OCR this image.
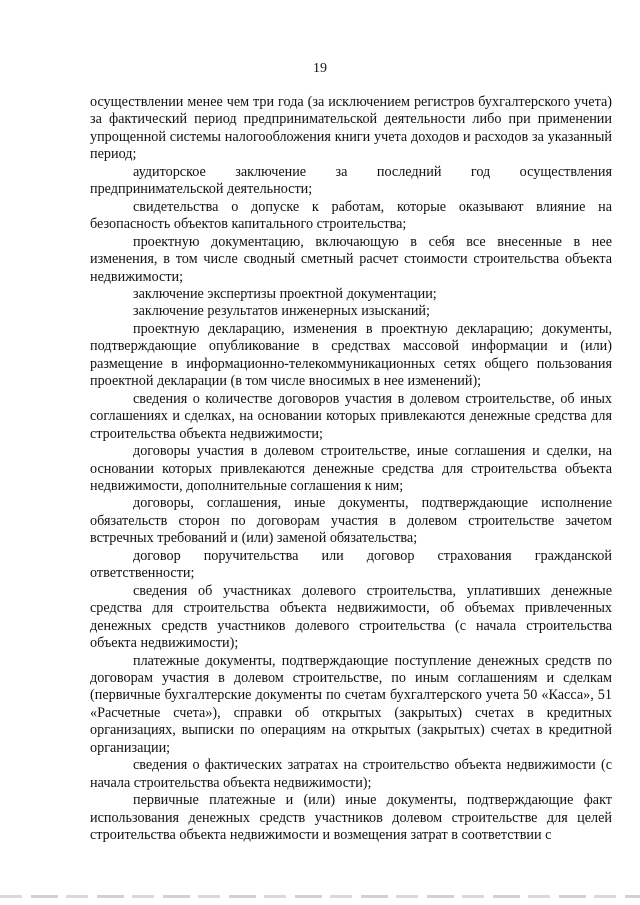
19

осуществлении менее чем три года (за исключением регистров бухгалтерского учета) за фактический период предпринимательской деятельности либо при применении упрощенной системы налогообложения книги учета доходов и расходов за указанный период;

аудиторское заключение за последний год осуществления предпринимательской деятельности;

свидетельства о допуске к работам, которые оказывают влияние на безопасность объектов капитального строительства;

проектную документацию, включающую в себя все внесенные в нее изменения, в том числе сводный сметный расчет стоимости строительства объекта недвижимости;

заключение экспертизы проектной документации;

заключение результатов инженерных изысканий;

проектную декларацию, изменения в проектную декларацию; документы, подтверждающие опубликование в средствах массовой информации и (или) размещение в информационно-телекоммуникационных сетях общего пользования проектной декларации (в том числе вносимых в нее изменений);

сведения о количестве договоров участия в долевом строительстве, об иных соглашениях и сделках, на основании которых привлекаются денежные средства для строительства объекта недвижимости;

договоры участия в долевом строительстве, иные соглашения и сделки, на основании которых привлекаются денежные средства для строительства объекта недвижимости, дополнительные соглашения к ним;

договоры, соглашения, иные документы, подтверждающие исполнение обязательств сторон по договорам участия в долевом строительстве зачетом встречных требований и (или) заменой обязательства;

договор поручительства или договор страхования гражданской ответственности;

сведения об участниках долевого строительства, уплативших денежные средства для строительства объекта недвижимости, об объемах привлеченных денежных средств участников долевого строительства (с начала строительства объекта недвижимости);

платежные документы, подтверждающие поступление денежных средств по договорам участия в долевом строительстве, по иным соглашениям и сделкам (первичные бухгалтерские документы по счетам бухгалтерского учета 50 «Касса», 51 «Расчетные счета»), справки об открытых (закрытых) счетах в кредитных организациях, выписки по операциям на открытых (закрытых) счетах в кредитной организации;

сведения о фактических затратах на строительство объекта недвижимости (с начала строительства объекта недвижимости);

первичные платежные и (или) иные документы, подтверждающие факт использования денежных средств участников долевом строительстве для целей строительства объекта недвижимости и возмещения затрат в соответствии с
